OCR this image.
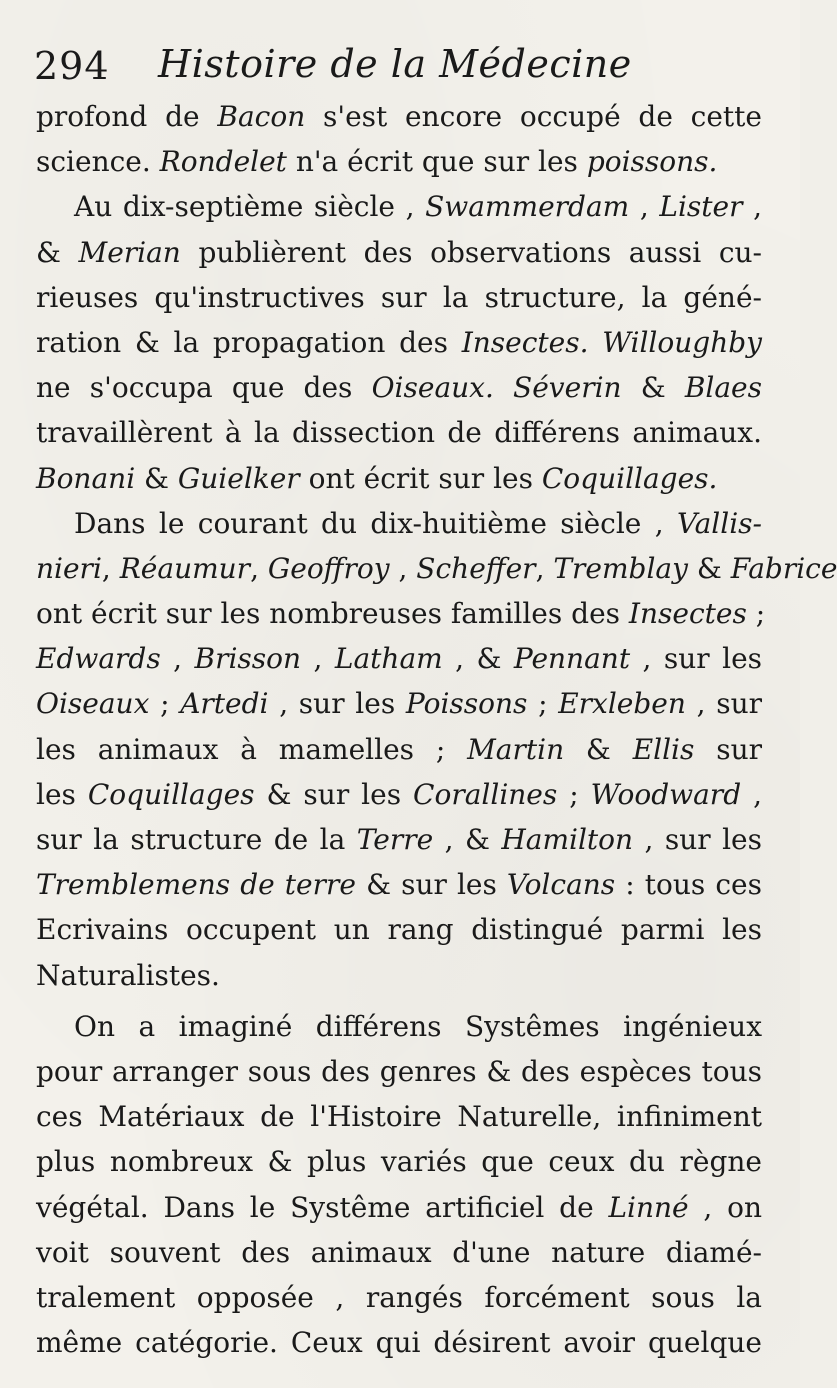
294 Histoire de la Médecine
profond de Bacon s'est encore occupé de cette
science. Rondelet n'a écrit que sur les poissons.
Au dix-septième siècle , Swammerdam , Lister ,
& Merian publièrent des observations aussi cu-
rieuses qu'instructives sur la structure, la géné-
ration & la propagation des Insectes. Willoughby
ne s'occupa que des Oiseaux. Séverin & Blaes
travaillèrent à la dissection de différens animaux.
Bonani & Guielker ont écrit sur les Coquillages.
Dans le courant du dix-huitième siècle , Vallis-
nieri, Réaumur, Geoffroy , Scheffer, Tremblay & Fabrice
ont écrit sur les nombreuses familles des Insectes ;
Edwards , Brisson , Latham , & Pennant , sur les
Oiseaux ; Artedi , sur les Poissons ; Erxleben , sur
les animaux à mamelles ; Martin & Ellis sur
les Coquillages & sur les Corallines ; Woodward ,
sur la structure de la Terre , & Hamilton , sur les
Tremblemens de terre & sur les Volcans : tous ces
Ecrivains occupent un rang distingué parmi les
Naturalistes.
On a imaginé différens Systêmes ingénieux
pour arranger sous des genres & des espèces tous
ces Matériaux de l'Histoire Naturelle, infiniment
plus nombreux & plus variés que ceux du règne
végétal. Dans le Systême artificiel de Linné , on
voit souvent des animaux d'une nature diamé-
tralement opposée , rangés forcément sous la
même catégorie. Ceux qui désirent avoir quelque
